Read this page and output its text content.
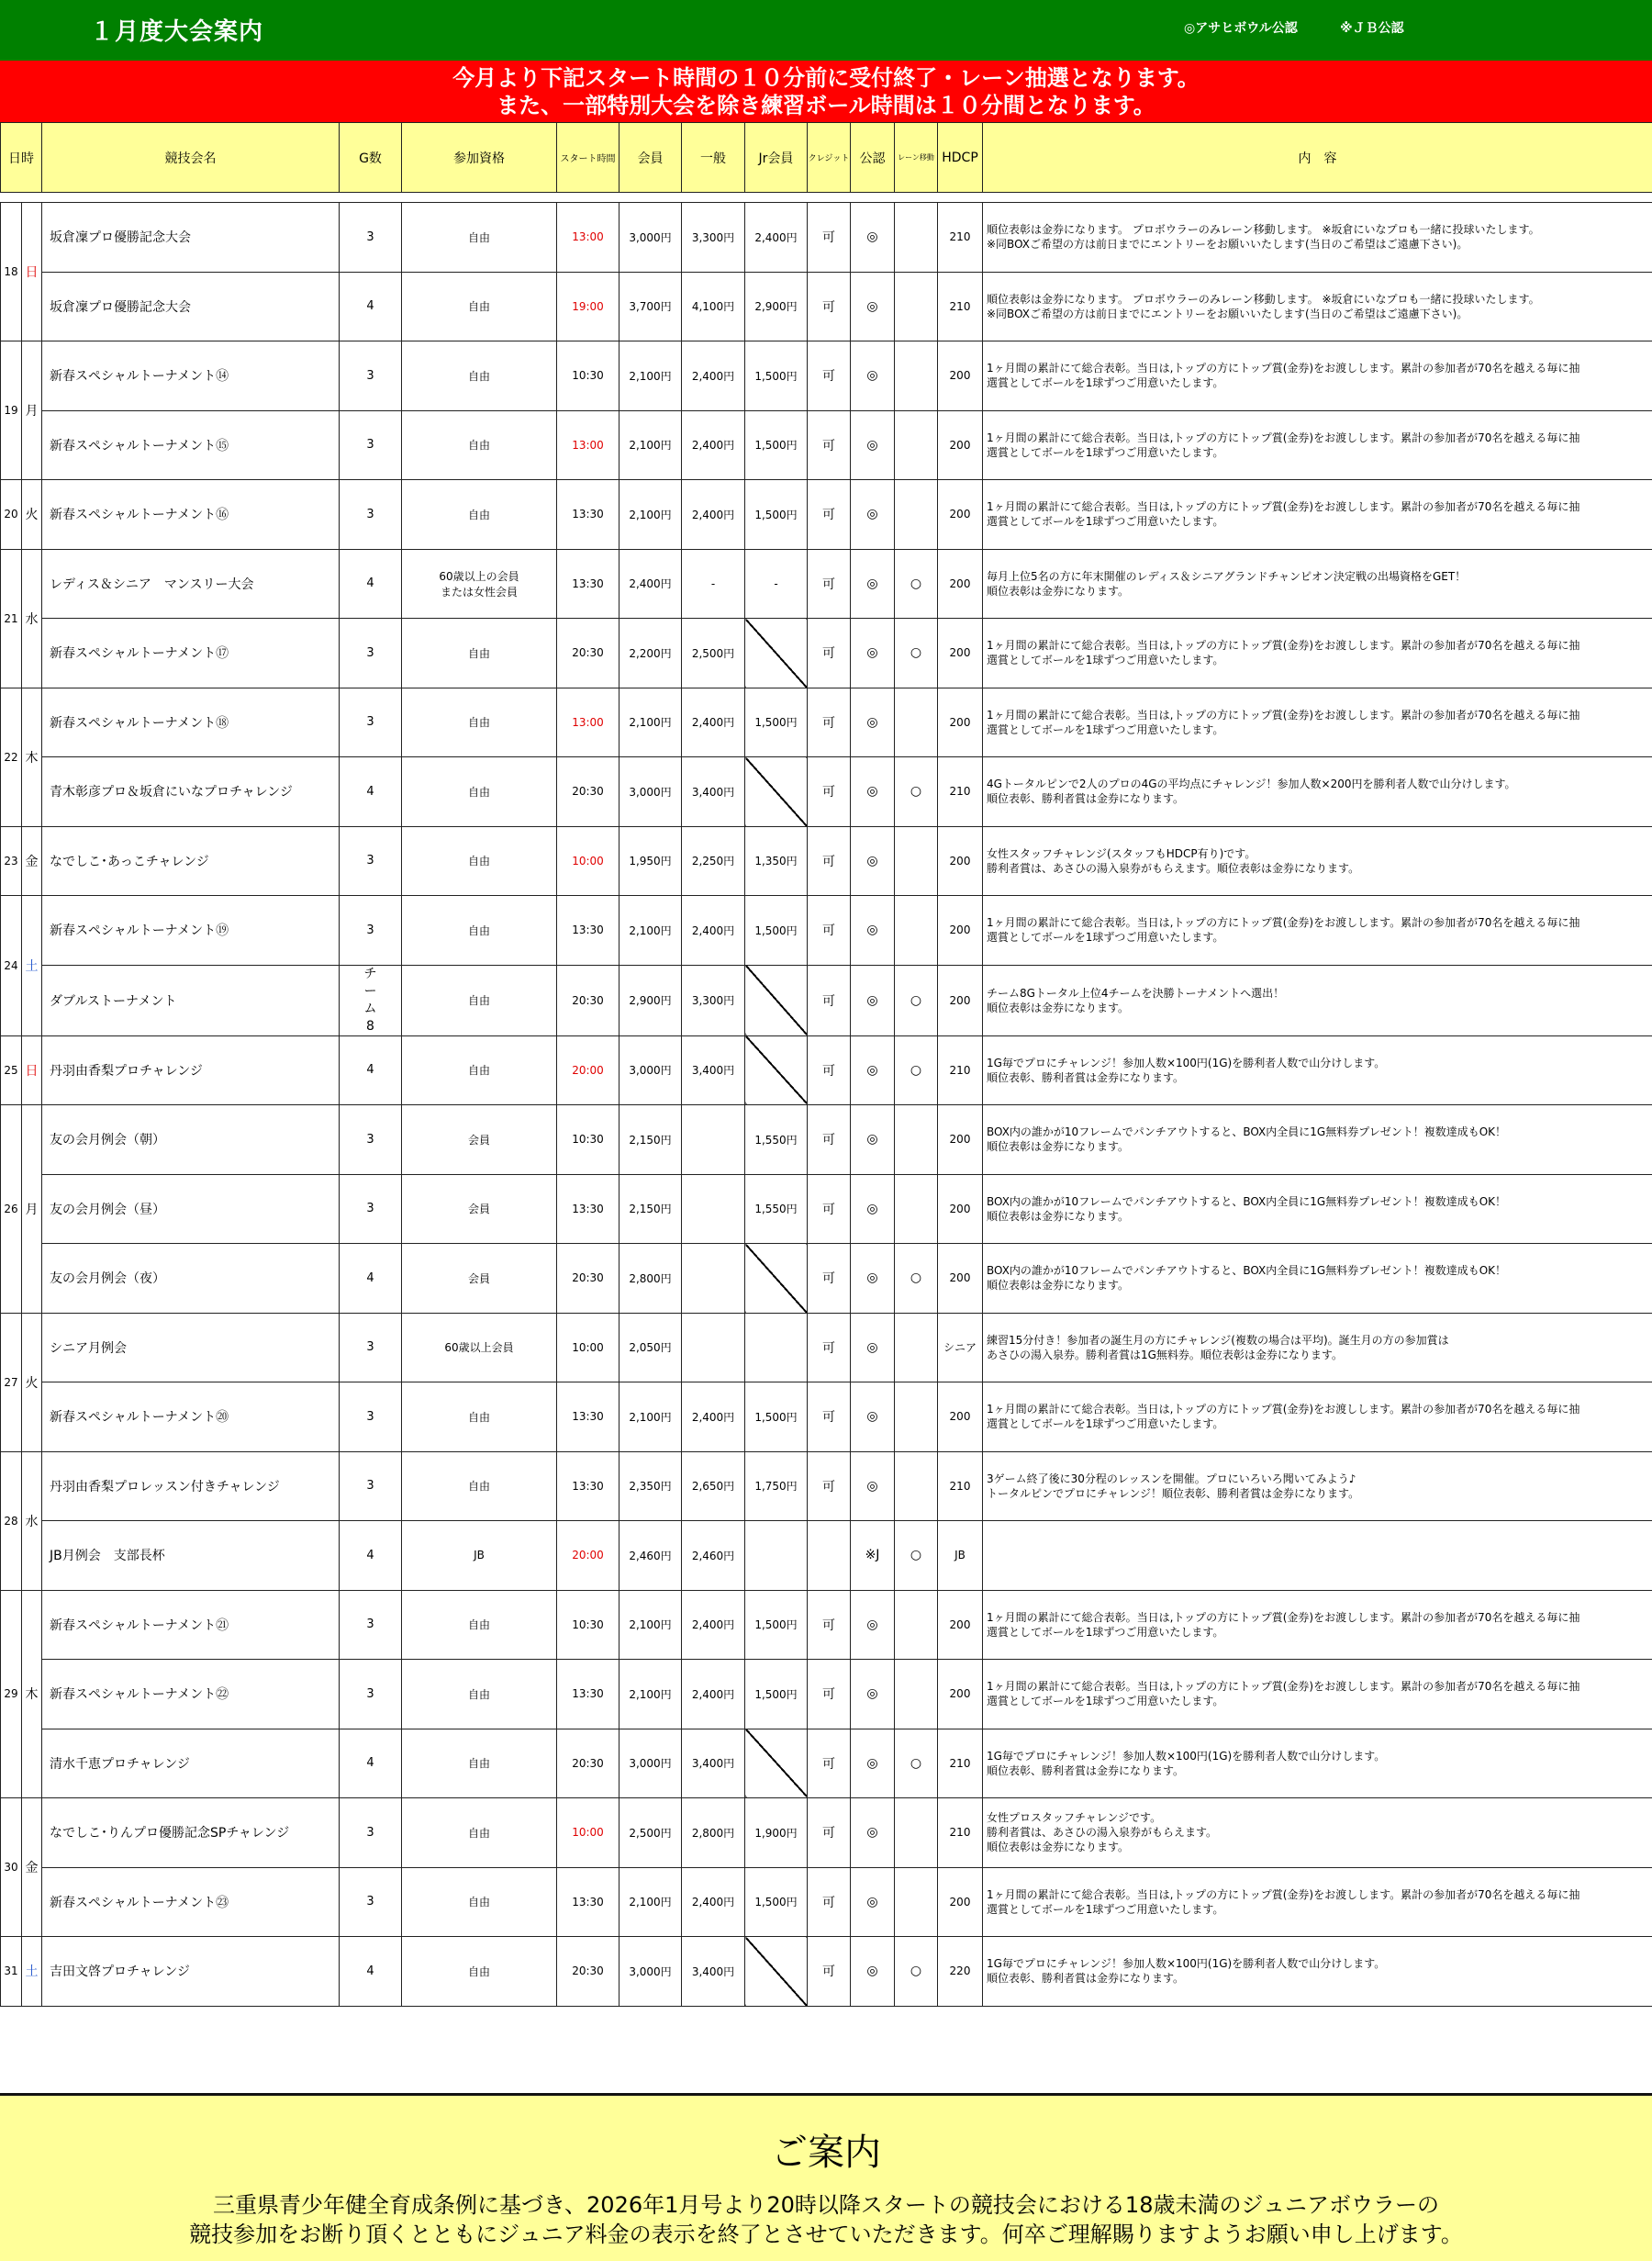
１月度大会案内	◎アサヒボウル公認	※ＪＢ公認
今月より下記スタート時間の１０分前に受付終了・レーン抽選となります。
また、一部特別大会を除き練習ボール時間は１０分間となります。
日時	競技会名	G数	参加資格	スタート時間	会員	一般	Jr会員	クレジット	公認	レーン移動	HDCP	内　容
18	日	坂倉凜プロ優勝記念大会	3	自由	13:00	3,000円	3,300円	2,400円	可	◎		210	順位表彰は金券になります。 プロボウラーのみレーン移動します。 ※坂倉にいなプロも一緒に投球いたします。
※同BOXご希望の方は前日までにエントリーをお願いいたします(当日のご希望はご遠慮下さい)。
		坂倉凜プロ優勝記念大会	4	自由	19:00	3,700円	4,100円	2,900円	可	◎		210	順位表彰は金券になります。 プロボウラーのみレーン移動します。 ※坂倉にいなプロも一緒に投球いたします。
※同BOXご希望の方は前日までにエントリーをお願いいたします(当日のご希望はご遠慮下さい)。
19	月	新春スペシャルトーナメント⑭	3	自由	10:30	2,100円	2,400円	1,500円	可	◎		200	1ヶ月間の累計にて総合表彰。当日は,トップの方にトップ賞(金券)をお渡しします。累計の参加者が70名を越える毎に抽
選賞としてボールを1球ずつご用意いたします。
		新春スペシャルトーナメント⑮	3	自由	13:00	2,100円	2,400円	1,500円	可	◎		200	1ヶ月間の累計にて総合表彰。当日は,トップの方にトップ賞(金券)をお渡しします。累計の参加者が70名を越える毎に抽
選賞としてボールを1球ずつご用意いたします。
20	火	新春スペシャルトーナメント⑯	3	自由	13:30	2,100円	2,400円	1,500円	可	◎		200	1ヶ月間の累計にて総合表彰。当日は,トップの方にトップ賞(金券)をお渡しします。累計の参加者が70名を越える毎に抽
選賞としてボールを1球ずつご用意いたします。
21	水	レディス＆シニア　マンスリー大会	4	60歳以上の会員
または女性会員	13:30	2,400円	-	-	可	◎	○	200	毎月上位5名の方に年末開催のレディス＆シニアグランドチャンピオン決定戦の出場資格をGET！
順位表彰は金券になります。
		新春スペシャルトーナメント⑰	3	自由	20:30	2,200円	2,500円		可	◎	○	200	1ヶ月間の累計にて総合表彰。当日は,トップの方にトップ賞(金券)をお渡しします。累計の参加者が70名を越える毎に抽
選賞としてボールを1球ずつご用意いたします。
22	木	新春スペシャルトーナメント⑱	3	自由	13:00	2,100円	2,400円	1,500円	可	◎		200	1ヶ月間の累計にて総合表彰。当日は,トップの方にトップ賞(金券)をお渡しします。累計の参加者が70名を越える毎に抽
選賞としてボールを1球ずつご用意いたします。
		青木彰彦プロ＆坂倉にいなプロチャレンジ	4	自由	20:30	3,000円	3,400円		可	◎	○	210	4Gトータルピンで2人のプロの4Gの平均点にチャレンジ！参加人数×200円を勝利者人数で山分けします。
順位表彰、勝利者賞は金券になります。
23	金	なでしこ･あっこチャレンジ	3	自由	10:00	1,950円	2,250円	1,350円	可	◎		200	女性スタッフチャレンジ(スタッフもHDCP有り)です。
勝利者賞は、あさひの湯入泉券がもらえます。順位表彰は金券になります。
24	土	新春スペシャルトーナメント⑲	3	自由	13:30	2,100円	2,400円	1,500円	可	◎		200	1ヶ月間の累計にて総合表彰。当日は,トップの方にトップ賞(金券)をお渡しします。累計の参加者が70名を越える毎に抽
選賞としてボールを1球ずつご用意いたします。
		ダブルストーナメント	チーム8	自由	20:30	2,900円	3,300円		可	◎	○	200	チーム8Gトータル上位4チームを決勝トーナメントへ選出！
順位表彰は金券になります。
25	日	丹羽由香梨プロチャレンジ	4	自由	20:00	3,000円	3,400円		可	◎	○	210	1G毎でプロにチャレンジ！参加人数×100円(1G)を勝利者人数で山分けします。
順位表彰、勝利者賞は金券になります。
26	月	友の会月例会（朝）	3	会員	10:30	2,150円		1,550円	可	◎		200	BOX内の誰かが10フレームでパンチアウトすると、BOX内全員に1G無料券プレゼント！複数達成もOK！
順位表彰は金券になります。
		友の会月例会（昼）	3	会員	13:30	2,150円		1,550円	可	◎		200	BOX内の誰かが10フレームでパンチアウトすると、BOX内全員に1G無料券プレゼント！複数達成もOK！
順位表彰は金券になります。
		友の会月例会（夜）	4	会員	20:30	2,800円			可	◎	○	200	BOX内の誰かが10フレームでパンチアウトすると、BOX内全員に1G無料券プレゼント！複数達成もOK！
順位表彰は金券になります。
27	火	シニア月例会	3	60歳以上会員	10:00	2,050円			可	◎		シニア	練習15分付き！参加者の誕生月の方にチャレンジ(複数の場合は平均)。誕生月の方の参加賞は
あさひの湯入泉券。勝利者賞は1G無料券。順位表彰は金券になります。
		新春スペシャルトーナメント⑳	3	自由	13:30	2,100円	2,400円	1,500円	可	◎		200	1ヶ月間の累計にて総合表彰。当日は,トップの方にトップ賞(金券)をお渡しします。累計の参加者が70名を越える毎に抽
選賞としてボールを1球ずつご用意いたします。
28	水	丹羽由香梨プロレッスン付きチャレンジ	3	自由	13:30	2,350円	2,650円	1,750円	可	◎		210	3ゲーム終了後に30分程のレッスンを開催。プロにいろいろ聞いてみよう♪
トータルピンでプロにチャレンジ！順位表彰、勝利者賞は金券になります。
		JB月例会　支部長杯	4	JB	20:00	2,460円	2,460円			※J	○	JB	
29	木	新春スペシャルトーナメント㉑	3	自由	10:30	2,100円	2,400円	1,500円	可	◎		200	1ヶ月間の累計にて総合表彰。当日は,トップの方にトップ賞(金券)をお渡しします。累計の参加者が70名を越える毎に抽
選賞としてボールを1球ずつご用意いたします。
		新春スペシャルトーナメント㉒	3	自由	13:30	2,100円	2,400円	1,500円	可	◎		200	1ヶ月間の累計にて総合表彰。当日は,トップの方にトップ賞(金券)をお渡しします。累計の参加者が70名を越える毎に抽
選賞としてボールを1球ずつご用意いたします。
		清水千恵プロチャレンジ	4	自由	20:30	3,000円	3,400円		可	◎	○	210	1G毎でプロにチャレンジ！参加人数×100円(1G)を勝利者人数で山分けします。
順位表彰、勝利者賞は金券になります。
30	金	なでしこ･りんプロ優勝記念SPチャレンジ	3	自由	10:00	2,500円	2,800円	1,900円	可	◎		210	女性プロスタッフチャレンジです。
勝利者賞は、あさひの湯入泉券がもらえます。
順位表彰は金券になります。
		新春スペシャルトーナメント㉓	3	自由	13:30	2,100円	2,400円	1,500円	可	◎		200	1ヶ月間の累計にて総合表彰。当日は,トップの方にトップ賞(金券)をお渡しします。累計の参加者が70名を越える毎に抽
選賞としてボールを1球ずつご用意いたします。
31	土	吉田文啓プロチャレンジ	4	自由	20:30	3,000円	3,400円		可	◎	○	220	1G毎でプロにチャレンジ！参加人数×100円(1G)を勝利者人数で山分けします。
順位表彰、勝利者賞は金券になります。
ご案内
三重県青少年健全育成条例に基づき、2026年1月号より20時以降スタートの競技会における18歳未満のジュニアボウラーの
競技参加をお断り頂くとともにジュニア料金の表示を終了とさせていただきます。何卒ご理解賜りますようお願い申し上げます。
